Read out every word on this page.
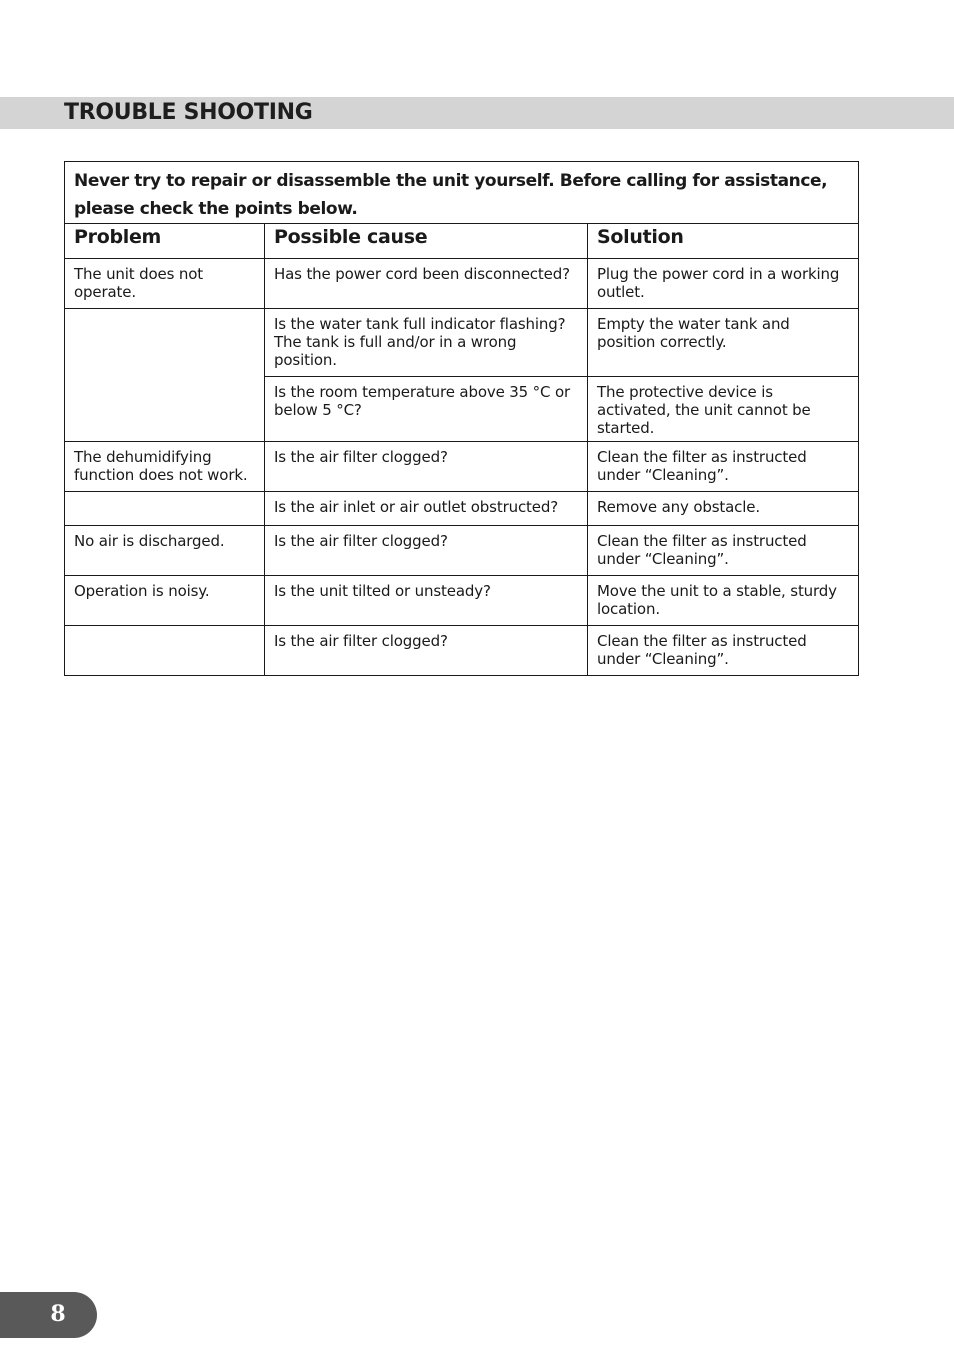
TROUBLE SHOOTING
Never try to repair or disassemble the unit yourself. Before calling for assistance, please check the points below.		
Problem	Possible cause	Solution
The unit does not operate.	Has the power cord been disconnected?	Plug the power cord in a working outlet.
	Is the water tank full indicator flashing? The tank is full and/or in a wrong position.	Empty the water tank and position correctly.
	Is the room temperature above 35 °C or below 5 °C?	The protective device is activated, the unit cannot be started.
The dehumidifying function does not work.	Is the air filter clogged?	Clean the filter as instructed under “Cleaning”.
	Is the air inlet or air outlet obstructed?	Remove any obstacle.
No air is discharged.	Is the air filter clogged?	Clean the filter as instructed under “Cleaning”.
Operation is noisy.	Is the unit tilted or unsteady?	Move the unit to a stable, sturdy location.
	Is the air filter clogged?	Clean the filter as instructed under “Cleaning”.
8
